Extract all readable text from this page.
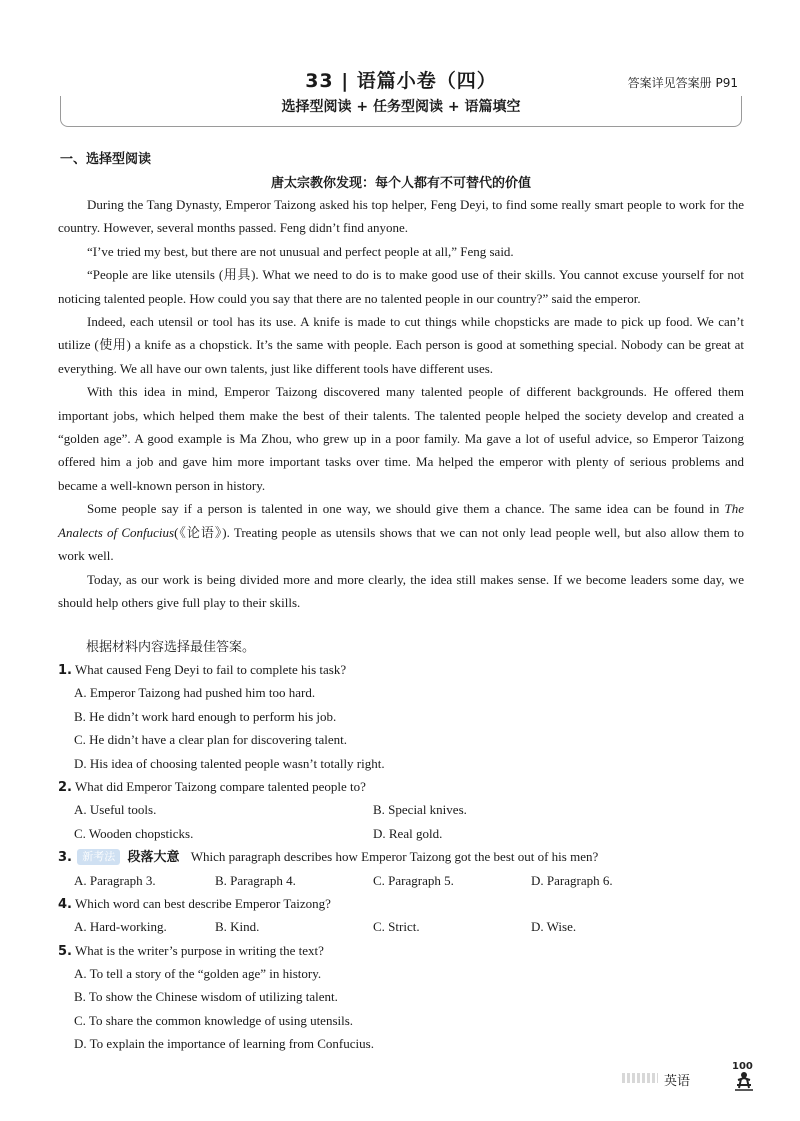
33 | 语篇小卷（四）	答案详见答案册 P91
选择型阅读 + 任务型阅读 + 语篇填空
一、选择型阅读
唐太宗教你发现：每个人都有不可替代的价值

During the Tang Dynasty, Emperor Taizong asked his top helper, Feng Deyi, to find some really smart people to work for the country. However, several months passed. Feng didn’t find anyone.

“I’ve tried my best, but there are not unusual and perfect people at all,” Feng said.

“People are like utensils (用具). What we need to do is to make good use of their skills. You cannot excuse yourself for not noticing talented people. How could you say that there are no talented people in our country?” said the emperor.

Indeed, each utensil or tool has its use. A knife is made to cut things while chopsticks are made to pick up food. We can’t utilize (使用) a knife as a chopstick. It’s the same with people. Each person is good at something special. Nobody can be great at everything. We all have our own talents, just like different tools have different uses.

With this idea in mind, Emperor Taizong discovered many talented people of different backgrounds. He offered them important jobs, which helped them make the best of their talents. The talented people helped the society develop and created a “golden age”. A good example is Ma Zhou, who grew up in a poor family. Ma gave a lot of useful advice, so Emperor Taizong offered him a job and gave him more important tasks over time. Ma helped the emperor with plenty of serious problems and became a well-known person in history.

Some people say if a person is talented in one way, we should give them a chance. The same idea can be found in The Analects of Confucius(《论语》). Treating people as utensils shows that we can not only lead people well, but also allow them to work well.

Today, as our work is being divided more and more clearly, the idea still makes sense. If we become leaders some day, we should help others give full play to their skills.

根据材料内容选择最佳答案。
1. What caused Feng Deyi to fail to complete his task?
A. Emperor Taizong had pushed him too hard.
B. He didn’t work hard enough to perform his job.
C. He didn’t have a clear plan for discovering talent.
D. His idea of choosing talented people wasn’t totally right.
2. What did Emperor Taizong compare talented people to?
A. Useful tools.	B. Special knives.
C. Wooden chopsticks.	D. Real gold.
3. 新考法 段落大意 Which paragraph describes how Emperor Taizong got the best out of his men?
A. Paragraph 3.	B. Paragraph 4.	C. Paragraph 5.	D. Paragraph 6.
4. Which word can best describe Emperor Taizong?
A. Hard-working.	B. Kind.	C. Strict.	D. Wise.
5. What is the writer’s purpose in writing the text?
A. To tell a story of the “golden age” in history.
B. To show the Chinese wisdom of utilizing talent.
C. To share the common knowledge of using utensils.
D. To explain the importance of learning from Confucius.
英语
100
